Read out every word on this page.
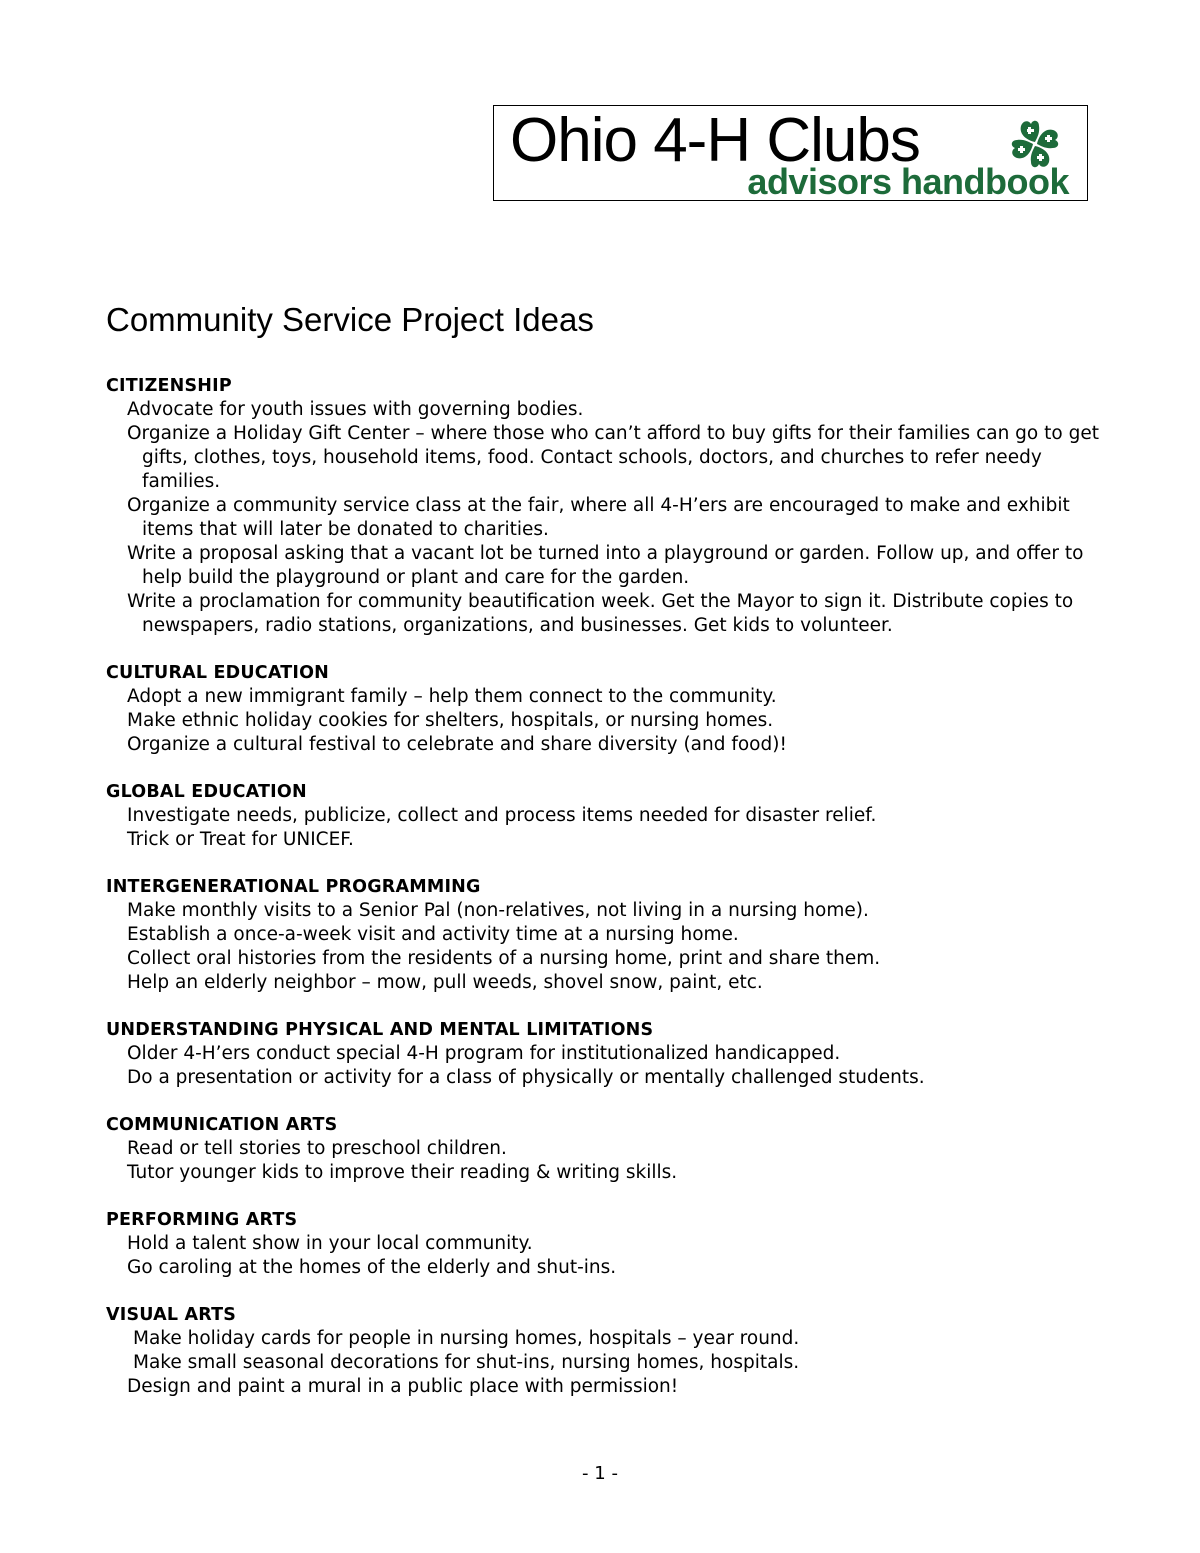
Ohio 4-H Clubs
advisors handbook
Community Service Project Ideas
CITIZENSHIP
Advocate for youth issues with governing bodies.
Organize a Holiday Gift Center – where those who can’t afford to buy gifts for their families can go to get gifts, clothes, toys, household items, food. Contact schools, doctors, and churches to refer needy families.
Organize a community service class at the fair, where all 4-H’ers are encouraged to make and exhibit items that will later be donated to charities.
Write a proposal asking that a vacant lot be turned into a playground or garden. Follow up, and offer to help build the playground or plant and care for the garden.
Write a proclamation for community beautification week. Get the Mayor to sign it. Distribute copies to newspapers, radio stations, organizations, and businesses. Get kids to volunteer.
CULTURAL EDUCATION
Adopt a new immigrant family – help them connect to the community.
Make ethnic holiday cookies for shelters, hospitals, or nursing homes.
Organize a cultural festival to celebrate and share diversity (and food)!
GLOBAL EDUCATION
Investigate needs, publicize, collect and process items needed for disaster relief.
Trick or Treat for UNICEF.
INTERGENERATIONAL PROGRAMMING
Make monthly visits to a Senior Pal (non-relatives, not living in a nursing home).
Establish a once-a-week visit and activity time at a nursing home.
Collect oral histories from the residents of a nursing home, print and share them.
Help an elderly neighbor – mow, pull weeds, shovel snow, paint, etc.
UNDERSTANDING PHYSICAL AND MENTAL LIMITATIONS
Older 4-H’ers conduct special 4-H program for institutionalized handicapped.
Do a presentation or activity for a class of physically or mentally challenged students.
COMMUNICATION ARTS
Read or tell stories to preschool children.
Tutor younger kids to improve their reading & writing skills.
PERFORMING ARTS
Hold a talent show in your local community.
Go caroling at the homes of the elderly and shut-ins.
VISUAL ARTS
Make holiday cards for people in nursing homes, hospitals – year round.
Make small seasonal decorations for shut-ins, nursing homes, hospitals.
Design and paint a mural in a public place with permission!
- 1 -
